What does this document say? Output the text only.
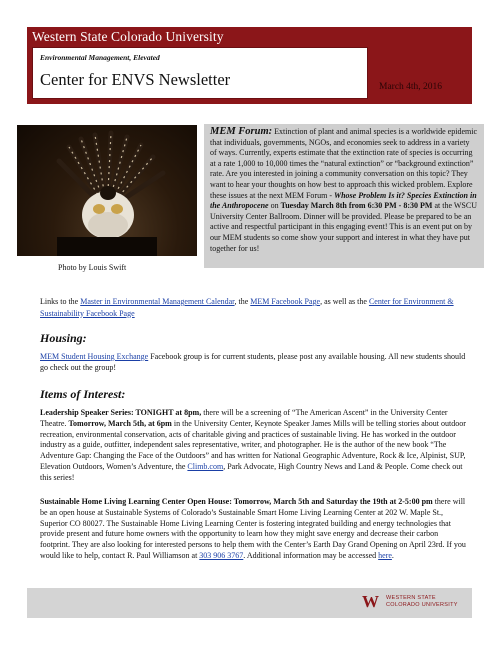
Western State Colorado University
Environmental Management, Elevated
Center for ENVS Newsletter	March 4th, 2016
Photo by Louis Swift
MEM Forum: Extinction of plant and animal species is a worldwide epidemic that individuals, governments, NGOs, and economies seek to address in a variety of ways. Currently, experts estimate that the extinction rate of species is occurring at a rate 1,000 to 10,000 times the “natural extinction” or “background extinction” rate. Are you interested in joining a community conversation on this topic? They want to hear your thoughts on how best to approach this wicked problem. Explore these issues at the next MEM Forum - Whose Problem Is it? Species Extinction in the Anthropocene on Tuesday March 8th from 6:30 PM - 8:30 PM at the WSCU University Center Ballroom. Dinner will be provided. Please be prepared to be an active and respectful participant in this engaging event! This is an event put on by our MEM students so come show your support and interest in what they have put together for us!
Links to the Master in Environmental Management Calendar, the MEM Facebook Page, as well as the Center for Environment & Sustainability Facebook Page
Housing:
MEM Student Housing Exchange Facebook group is for current students, please post any available housing. All new students should go check out the group!
Items of Interest:
Leadership Speaker Series: TONIGHT at 8pm, there will be a screening of “The American Ascent” in the University Center Theatre. Tomorrow, March 5th, at 6pm in the University Center, Keynote Speaker James Mills will be telling stories about outdoor recreation, environmental conservation, acts of charitable giving and practices of sustainable living. He has worked in the outdoor industry as a guide, outfitter, independent sales representative, writer, and photographer. He is the author of the new book “The Adventure Gap: Changing the Face of the Outdoors” and has written for National Geographic Adventure, Rock & Ice, Alpinist, SUP, Elevation Outdoors, Women’s Adventure, the Climb.com, Park Advocate, High Country News and Land & People. Come check out this series!
Sustainable Home Living Learning Center Open House: Tomorrow, March 5th and Saturday the 19th at 2-5:00 pm there will be an open house at Sustainable Systems of Colorado’s Sustainable Smart Home Living Learning Center at 202 W. Maple St., Superior CO 80027. The Sustainable Home Living Learning Center is fostering integrated building and energy technologies that provide present and future home owners with the opportunity to learn how they might save energy and decrease their carbon footprint. They are also looking for interested persons to help them with the Center’s Earth Day Grand Opening on April 23rd. If you would like to help, contact R. Paul Williamson at 303 906 3767. Additional information may be accessed here.
W WESTERN STATE
COLORADO UNIVERSITY
